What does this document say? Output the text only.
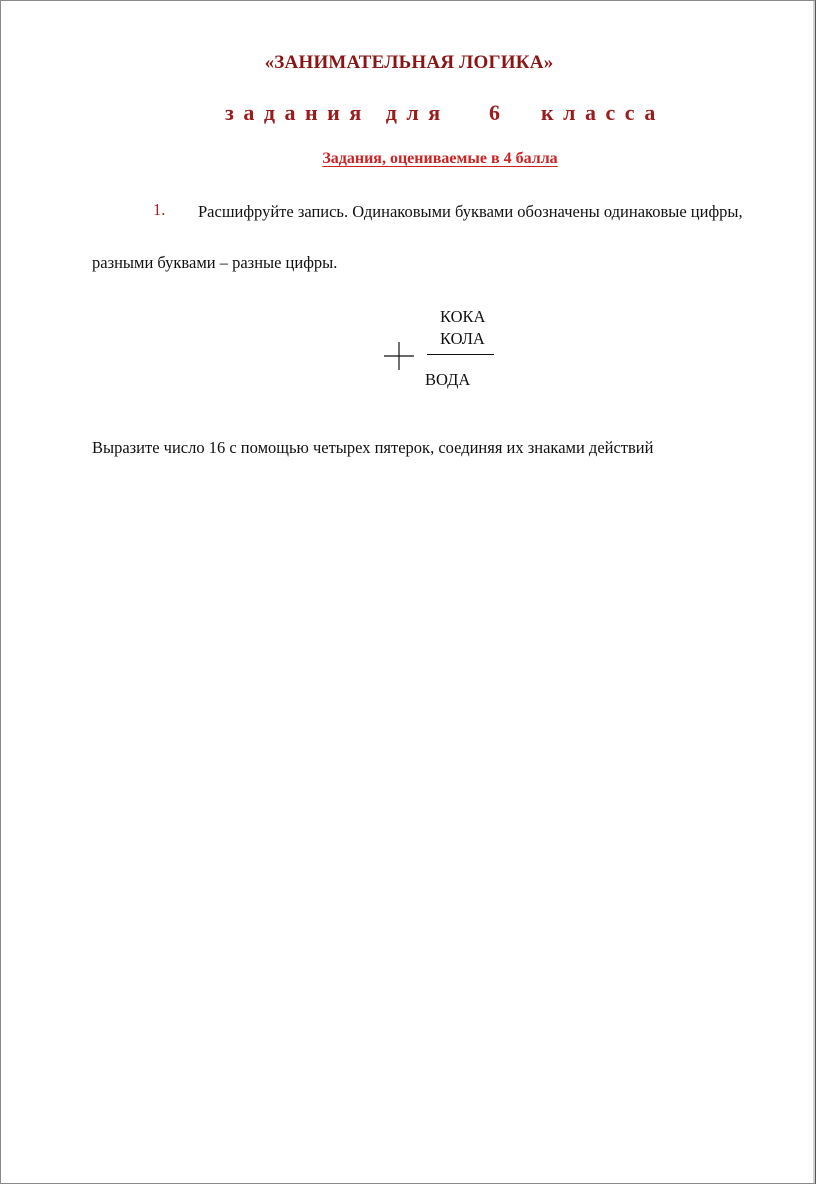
«ЗАНИМАТЕЛЬНАЯ ЛОГИКА»
задания для 6 класса
Задания, оцениваемые в 4 балла
1. Расшифруйте запись. Одинаковыми буквами обозначены одинаковые цифры,
разными буквами – разные цифры.
КОКА
КОЛА
ВОДА
Выразите число 16 с помощью четырех пятерок, соединяя их знаками действий
